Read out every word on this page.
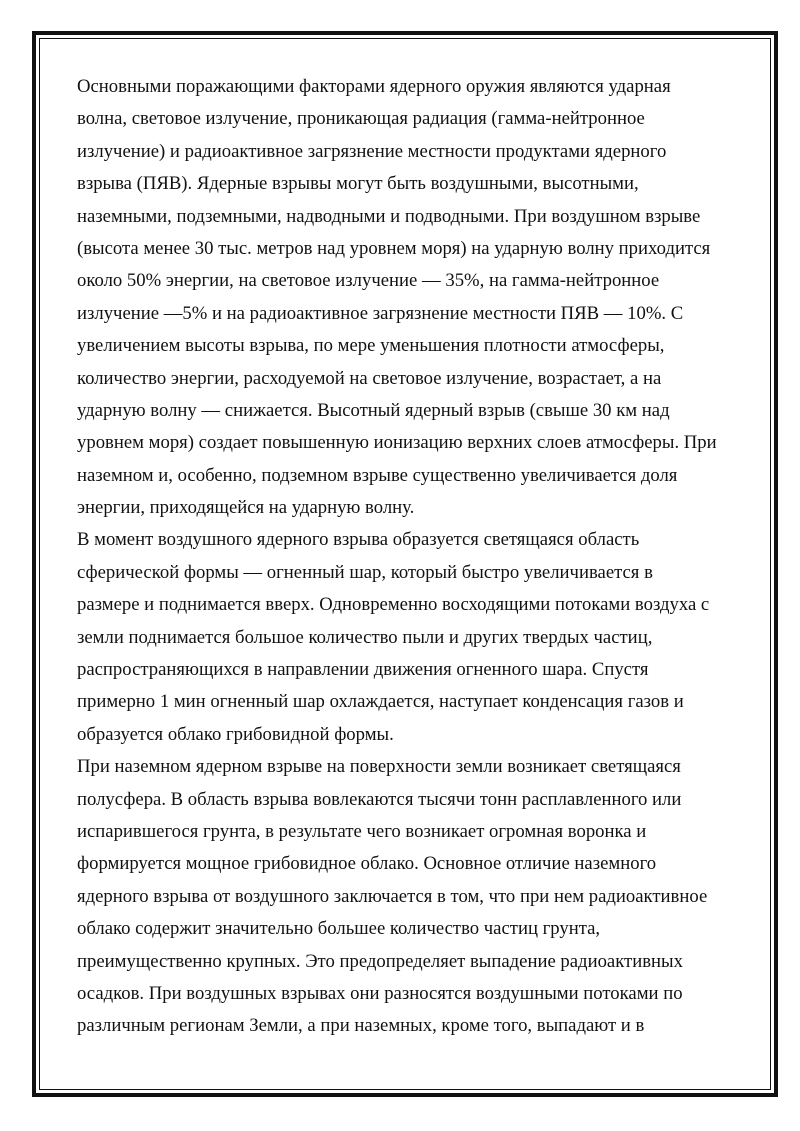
Основными поражающими факторами ядерного оружия являются ударная
волна, световое излучение, проникающая радиация (гамма-нейтронное
излучение) и радиоактивное загрязнение местности продуктами ядерного
взрыва (ПЯВ). Ядерные взрывы могут быть воздушными, высотными,
наземными, подземными, надводными и подводными. При воздушном взрыве
(высота менее 30 тыс. метров над уровнем моря) на ударную волну приходится
около 50% энергии, на световое излучение — 35%, на гамма-нейтронное
излучение —5% и на радиоактивное загрязнение местности ПЯВ — 10%. С
увеличением высоты взрыва, по мере уменьшения плотности атмосферы,
количество энергии, расходуемой на световое излучение, возрастает, а на
ударную волну — снижается. Высотный ядерный взрыв (свыше 30 км над
уровнем моря) создает повышенную ионизацию верхних слоев атмосферы. При
наземном и, особенно, подземном взрыве существенно увеличивается доля
энергии, приходящейся на ударную волну.
В момент воздушного ядерного взрыва образуется светящаяся область
сферической формы — огненный шар, который быстро увеличивается в
размере и поднимается вверх. Одновременно восходящими потоками воздуха с
земли поднимается большое количество пыли и других твердых частиц,
распространяющихся в направлении движения огненного шара. Спустя
примерно 1 мин огненный шар охлаждается, наступает конденсация газов и
образуется облако грибовидной формы.
При наземном ядерном взрыве на поверхности земли возникает светящаяся
полусфера. В область взрыва вовлекаются тысячи тонн расплавленного или
испарившегося грунта, в результате чего возникает огромная воронка и
формируется мощное грибовидное облако. Основное отличие наземного
ядерного взрыва от воздушного заключается в том, что при нем радиоактивное
облако содержит значительно большее количество частиц грунта,
преимущественно крупных. Это предопределяет выпадение радиоактивных
осадков. При воздушных взрывах они разносятся воздушными потоками по
различным регионам Земли, а при наземных, кроме того, выпадают и в
